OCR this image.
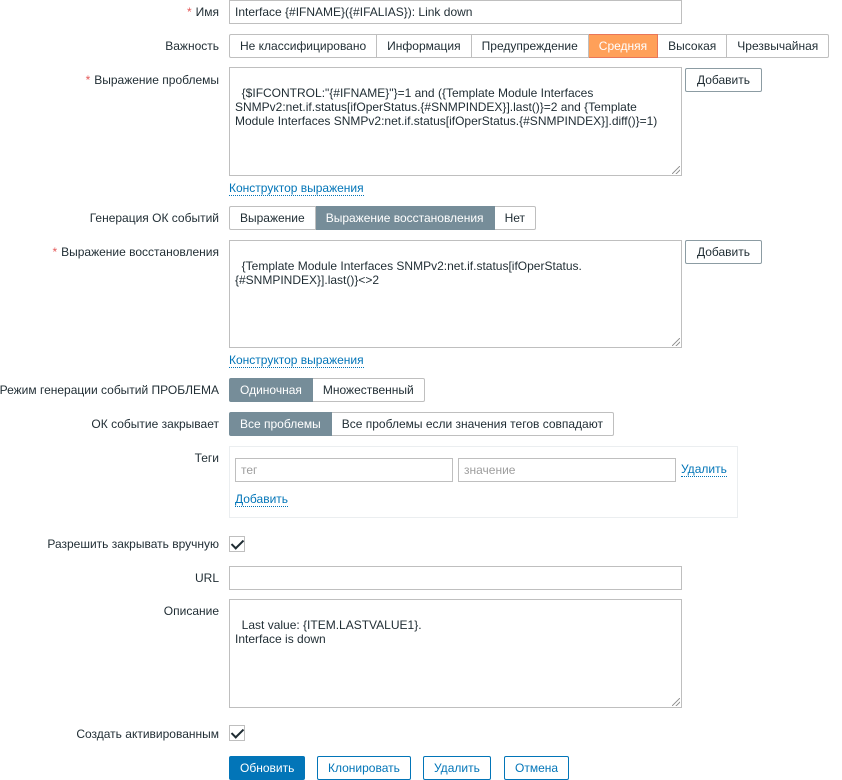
* Имя	Interface {#IFNAME}({#IFALIAS}): Link down
Важность	Не классифицировано	Информация	Предупреждение	Средняя	Высокая	Чрезвычайная
* Выражение проблемы

{$IFCONTROL:"{#IFNAME}"}=1 and ({Template Module Interfaces
SNMPv2:net.if.status[ifOperStatus.{#SNMPINDEX}].last()}=2 and {Template
Module Interfaces SNMPv2:net.if.status[ifOperStatus.{#SNMPINDEX}].diff()}=1)

Добавить
Конструктор выражения
Генерация ОК событий	Выражение	Выражение восстановления	Нет
* Выражение восстановления

{Template Module Interfaces SNMPv2:net.if.status[ifOperStatus.
{#SNMPINDEX}].last()}<>2

Добавить
Конструктор выражения
Режим генерации событий ПРОБЛЕМА	Одиночная	Множественный
ОК событие закрывает	Все проблемы	Все проблемы если значения тегов совпадают
Теги
тег	значение	Удалить
Добавить
Разрешить закрывать вручную
URL
Описание

Last value: {ITEM.LASTVALUE1}.
Interface is down

Создать активированным
Обновить	Клонировать	Удалить	Отмена
